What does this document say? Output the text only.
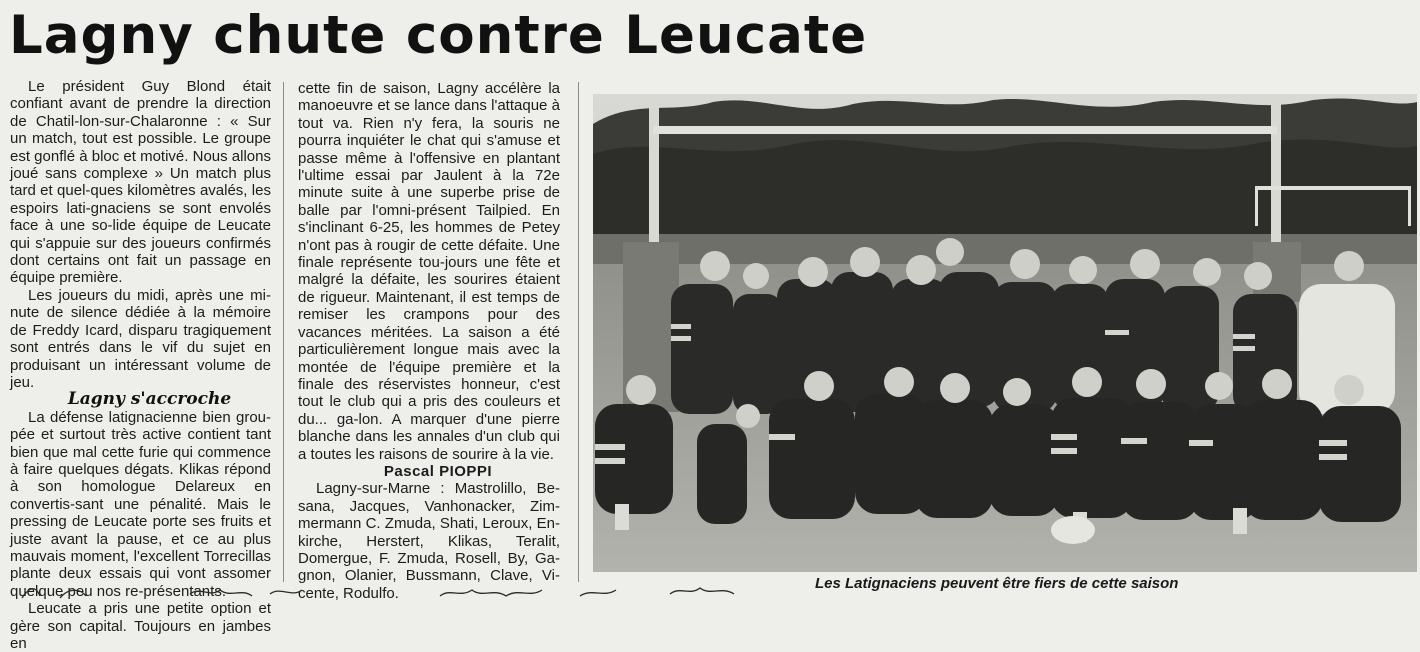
Lagny chute contre Leucate

Le président Guy Blond était confiant avant de prendre la direction de Chatil-lon-sur-Chalaronne : « Sur un match, tout est possible. Le groupe est gonflé à bloc et motivé. Nous allons joué sans complexe » Un match plus tard et quel-ques kilomètres avalés, les espoirs lati-gnaciens se sont envolés face à une so-lide équipe de Leucate qui s'appuie sur des joueurs confirmés dont certains ont fait un passage en équipe première.

Les joueurs du midi, après une mi-nute de silence dédiée à la mémoire de Freddy Icard, disparu tragiquement sont entrés dans le vif du sujet en produisant un intéressant volume de jeu.

Lagny s'accroche

La défense latignacienne bien grou-pée et surtout très active contient tant bien que mal cette furie qui commence à faire quelques dégats. Klikas répond à son homologue Delareux en convertis-sant une pénalité. Mais le pressing de Leucate porte ses fruits et juste avant la pause, et ce au plus mauvais moment, l'excellent Torrecillas plante deux essais qui vont assomer quelque peu nos re-présentants.

Leucate a pris une petite option et gère son capital. Toujours en jambes en

cette fin de saison, Lagny accélère la manoeuvre et se lance dans l'attaque à tout va. Rien n'y fera, la souris ne pourra inquiéter le chat qui s'amuse et passe même à l'offensive en plantant l'ultime essai par Jaulent à la 72e minute suite à une superbe prise de balle par l'omni-présent Tailpied. En s'inclinant 6-25, les hommes de Petey n'ont pas à rougir de cette défaite. Une finale représente tou-jours une fête et malgré la défaite, les sourires étaient de rigueur. Maintenant, il est temps de remiser les crampons pour des vacances méritées. La saison a été particulièrement longue mais avec la montée de l'équipe première et la finale des réservistes honneur, c'est tout le club qui a pris des couleurs et du... ga-lon. A marquer d'une pierre blanche dans les annales d'un club qui a toutes les raisons de sourire à la vie.

Pascal PIOPPI

Lagny-sur-Marne : Mastrolillo, Be-sana, Jacques, Vanhonacker, Zim-mermann C. Zmuda, Shati, Leroux, En-kirche, Herstert, Klikas, Teralit, Domergue, F. Zmuda, Rosell, By, Ga-gnon, Olanier, Bussmann, Clave, Vi-cente, Rodulfo.

Les Latignaciens peuvent être fiers de cette saison
